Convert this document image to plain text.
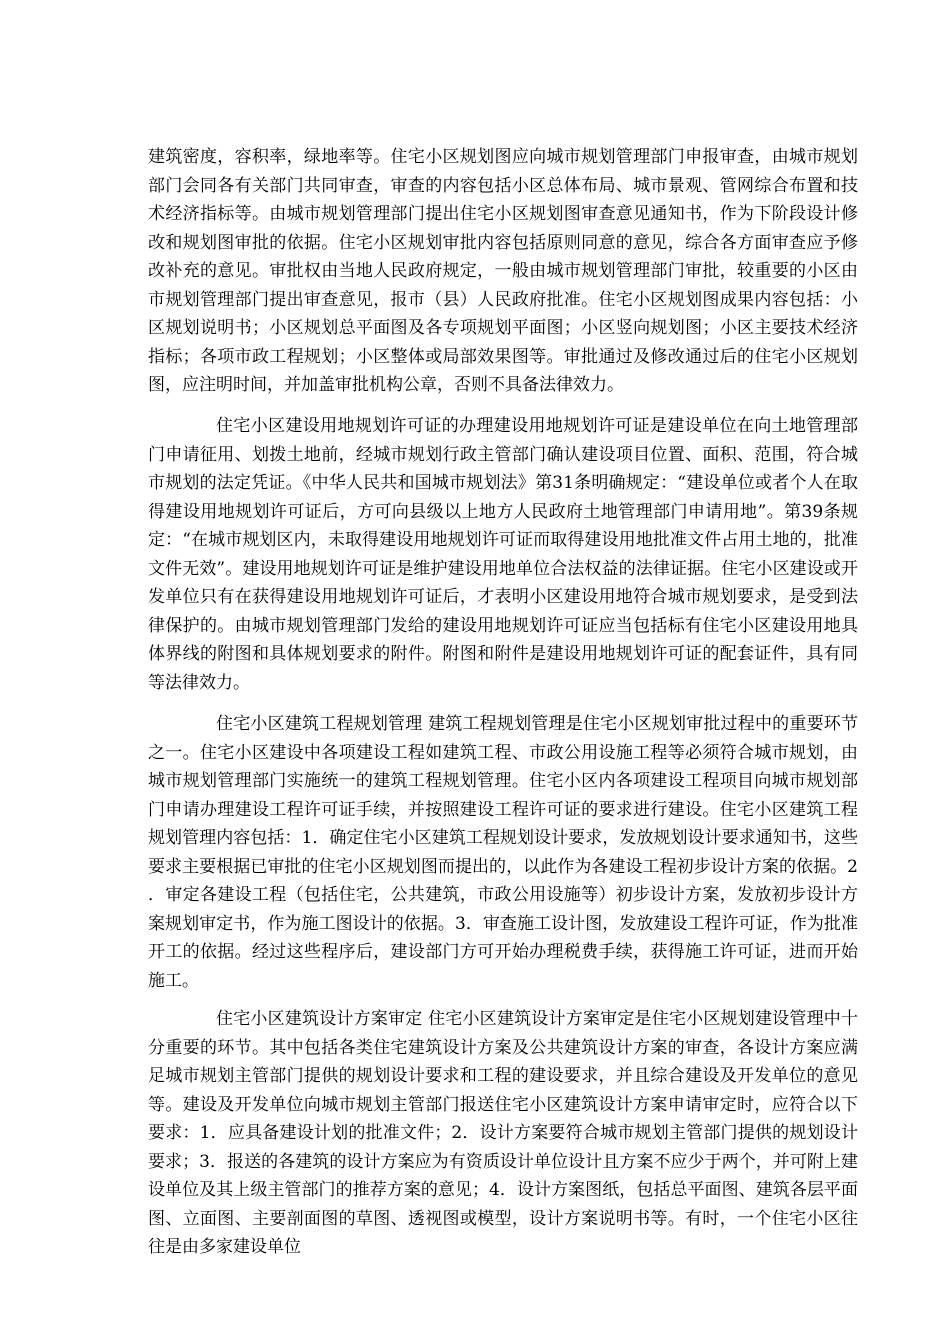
建筑密度，容积率，绿地率等。住宅小区规划图应向城市规划管理部门申报审查，由城市规划部门会同各有关部门共同审查，审查的内容包括小区总体布局、城市景观、管网综合布置和技术经济指标等。由城市规划管理部门提出住宅小区规划图审查意见通知书，作为下阶段设计修改和规划图审批的依据。住宅小区规划审批内容包括原则同意的意见，综合各方面审查应予修改补充的意见。审批权由当地人民政府规定，一般由城市规划管理部门审批，较重要的小区由市规划管理部门提出审查意见，报市（县）人民政府批准。住宅小区规划图成果内容包括：小区规划说明书；小区规划总平面图及各专项规划平面图；小区竖向规划图；小区主要技术经济指标；各项市政工程规划；小区整体或局部效果图等。审批通过及修改通过后的住宅小区规划图，应注明时间，并加盖审批机构公章，否则不具备法律效力。

住宅小区建设用地规划许可证的办理建设用地规划许可证是建设单位在向土地管理部门申请征用、划拨土地前，经城市规划行政主管部门确认建设项目位置、面积、范围，符合城市规划的法定凭证。《中华人民共和国城市规划法》第31条明确规定：“建设单位或者个人在取得建设用地规划许可证后，方可向县级以上地方人民政府土地管理部门申请用地”。第39条规定：“在城市规划区内，未取得建设用地规划许可证而取得建设用地批准文件占用土地的，批准文件无效”。建设用地规划许可证是维护建设用地单位合法权益的法律证据。住宅小区建设或开发单位只有在获得建设用地规划许可证后，才表明小区建设用地符合城市规划要求，是受到法律保护的。由城市规划管理部门发给的建设用地规划许可证应当包括标有住宅小区建设用地具体界线的附图和具体规划要求的附件。附图和附件是建设用地规划许可证的配套证件，具有同等法律效力。

住宅小区建筑工程规划管理 建筑工程规划管理是住宅小区规划审批过程中的重要环节之一。住宅小区建设中各项建设工程如建筑工程、市政公用设施工程等必须符合城市规划，由城市规划管理部门实施统一的建筑工程规划管理。住宅小区内各项建设工程项目向城市规划部门申请办理建设工程许可证手续，并按照建设工程许可证的要求进行建设。住宅小区建筑工程规划管理内容包括：1．确定住宅小区建筑工程规划设计要求，发放规划设计要求通知书，这些要求主要根据已审批的住宅小区规划图而提出的，以此作为各建设工程初步设计方案的依据。2．审定各建设工程（包括住宅，公共建筑，市政公用设施等）初步设计方案，发放初步设计方案规划审定书，作为施工图设计的依据。3．审查施工设计图，发放建设工程许可证，作为批准开工的依据。经过这些程序后，建设部门方可开始办理税费手续，获得施工许可证，进而开始施工。

住宅小区建筑设计方案审定 住宅小区建筑设计方案审定是住宅小区规划建设管理中十分重要的环节。其中包括各类住宅建筑设计方案及公共建筑设计方案的审查，各设计方案应满足城市规划主管部门提供的规划设计要求和工程的建设要求，并且综合建设及开发单位的意见等。建设及开发单位向城市规划主管部门报送住宅小区建筑设计方案申请审定时，应符合以下要求：1．应具备建设计划的批准文件；2．设计方案要符合城市规划主管部门提供的规划设计要求；3．报送的各建筑的设计方案应为有资质设计单位设计且方案不应少于两个，并可附上建设单位及其上级主管部门的推荐方案的意见；4．设计方案图纸，包括总平面图、建筑各层平面图、立面图、主要剖面图的草图、透视图或模型，设计方案说明书等。有时，一个住宅小区往往是由多家建设单位
